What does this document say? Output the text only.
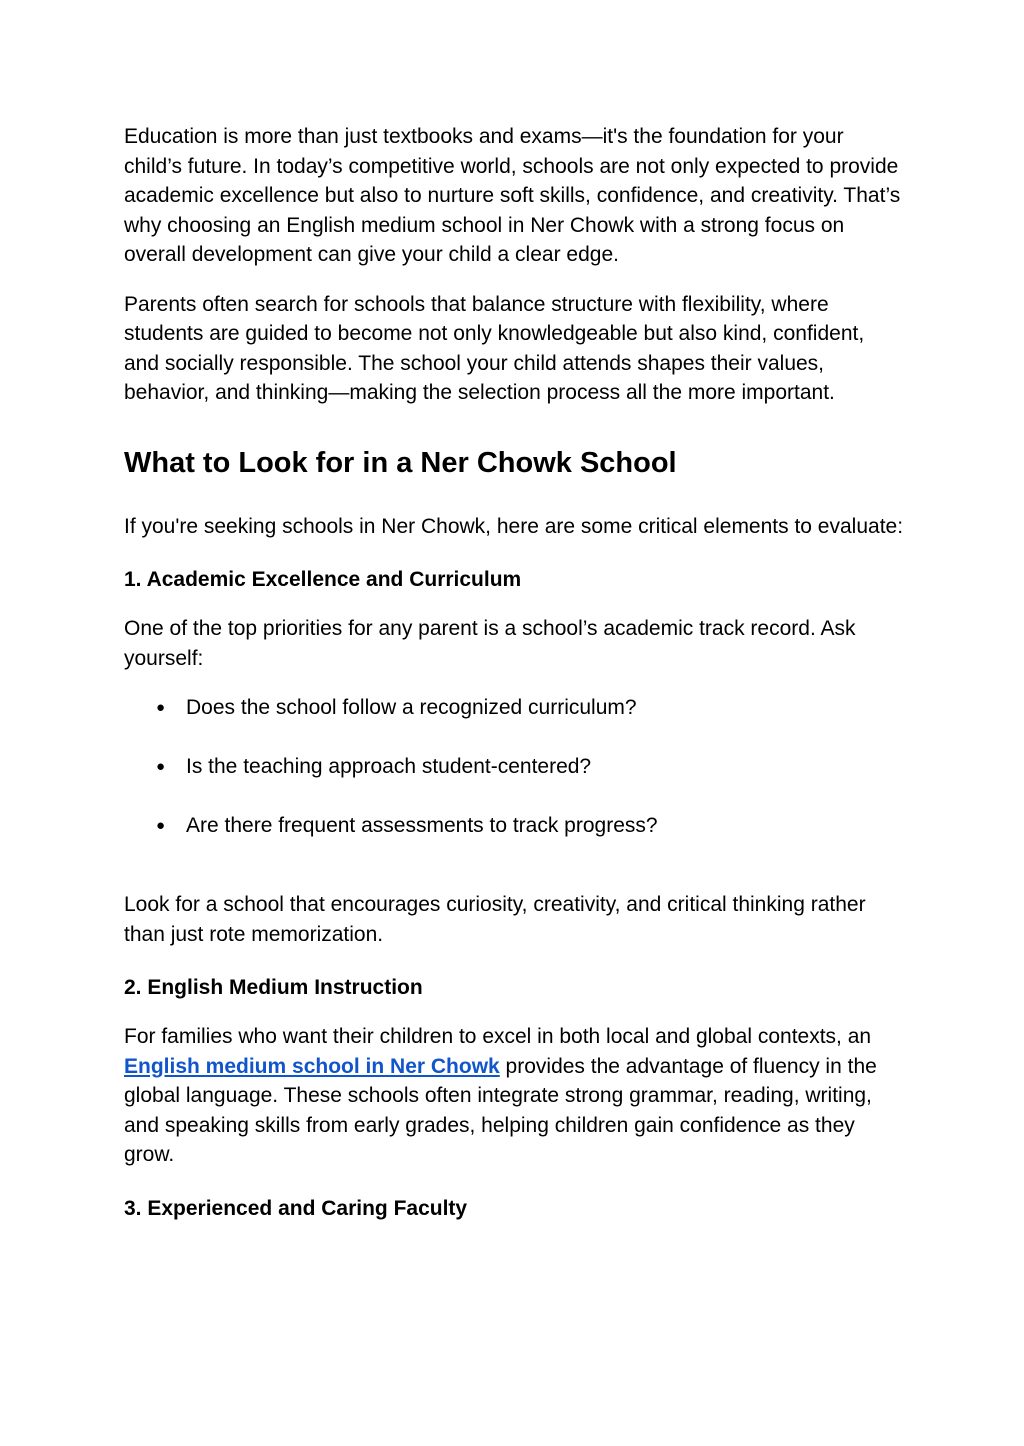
Education is more than just textbooks and exams—it's the foundation for your child’s future. In today’s competitive world, schools are not only expected to provide academic excellence but also to nurture soft skills, confidence, and creativity. That’s why choosing an English medium school in Ner Chowk with a strong focus on overall development can give your child a clear edge.

Parents often search for schools that balance structure with flexibility, where students are guided to become not only knowledgeable but also kind, confident, and socially responsible. The school your child attends shapes their values, behavior, and thinking—making the selection process all the more important.

What to Look for in a Ner Chowk School

If you're seeking schools in Ner Chowk, here are some critical elements to evaluate:

1. Academic Excellence and Curriculum

One of the top priorities for any parent is a school’s academic track record. Ask yourself:

● Does the school follow a recognized curriculum?
● Is the teaching approach student-centered?
● Are there frequent assessments to track progress?

Look for a school that encourages curiosity, creativity, and critical thinking rather than just rote memorization.

2. English Medium Instruction

For families who want their children to excel in both local and global contexts, an English medium school in Ner Chowk provides the advantage of fluency in the global language. These schools often integrate strong grammar, reading, writing, and speaking skills from early grades, helping children gain confidence as they grow.

3. Experienced and Caring Faculty
